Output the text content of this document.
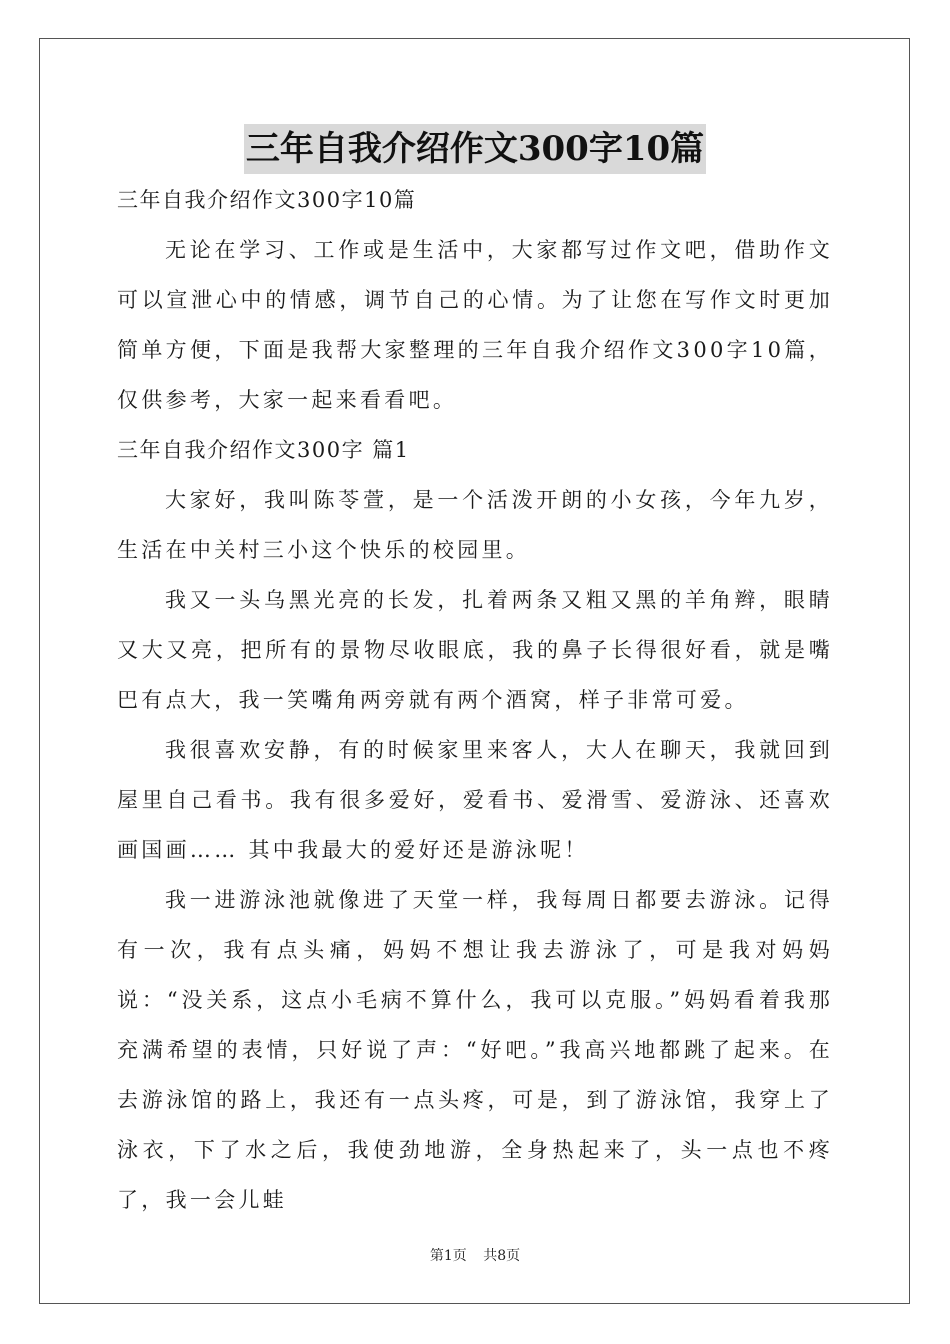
三年自我介绍作文300字10篇
三年自我介绍作文300字10篇

无论在学习、工作或是生活中，大家都写过作文吧，借助作文可以宣泄心中的情感，调节自己的心情。为了让您在写作文时更加简单方便，下面是我帮大家整理的三年自我介绍作文300字10篇，仅供参考，大家一起来看看吧。

三年自我介绍作文300字 篇1

大家好，我叫陈苓萱，是一个活泼开朗的小女孩，今年九岁，生活在中关村三小这个快乐的校园里。

我又一头乌黑光亮的长发，扎着两条又粗又黑的羊角辫，眼睛又大又亮，把所有的景物尽收眼底，我的鼻子长得很好看，就是嘴巴有点大，我一笑嘴角两旁就有两个酒窝，样子非常可爱。

我很喜欢安静，有的时候家里来客人，大人在聊天，我就回到屋里自己看书。我有很多爱好，爱看书、爱滑雪、爱游泳、还喜欢画国画…… 其中我最大的爱好还是游泳呢！

我一进游泳池就像进了天堂一样，我每周日都要去游泳。记得有一次，我有点头痛，妈妈不想让我去游泳了，可是我对妈妈说：“没关系，这点小毛病不算什么，我可以克服。”妈妈看着我那充满希望的表情，只好说了声：“好吧。”我高兴地都跳了起来。在去游泳馆的路上，我还有一点头疼，可是，到了游泳馆，我穿上了泳衣，下了水之后，我使劲地游，全身热起来了，头一点也不疼了，我一会儿蛙

第1页 共8页
